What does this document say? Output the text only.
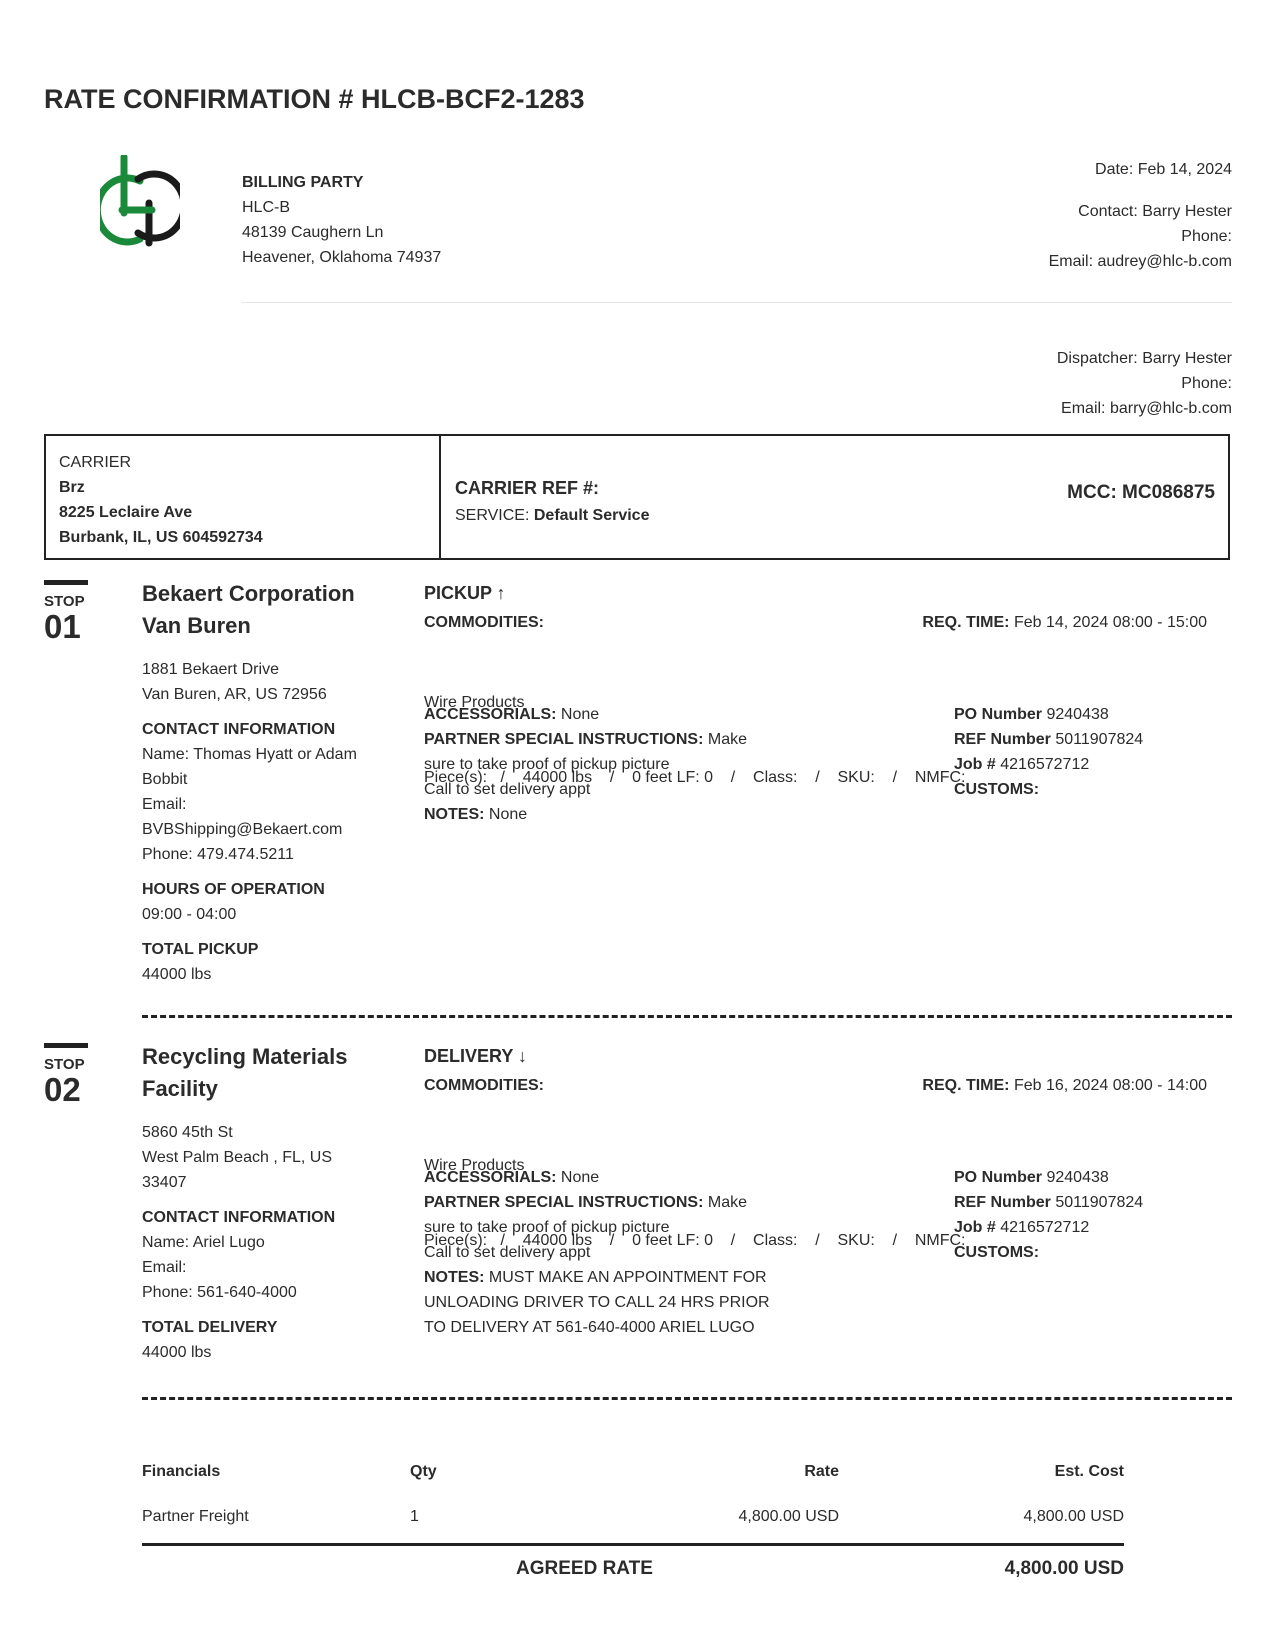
RATE CONFIRMATION # HLCB-BCF2-1283
BILLING PARTY
HLC-B
48139 Caughern Ln
Heavener, Oklahoma 74937
Date: Feb 14, 2024
Contact: Barry Hester
Phone:
Email: audrey@hlc-b.com
Dispatcher: Barry Hester
Phone:
Email: barry@hlc-b.com
CARRIER
Brz
8225 Leclaire Ave
Burbank, IL, US 604592734
CARRIER REF #:
SERVICE: Default Service
MCC: MC086875
STOP
01
Bekaert Corporation
Van Buren
1881 Bekaert Drive
Van Buren, AR, US 72956
CONTACT INFORMATION
Name: Thomas Hyatt or Adam
Bobbit
Email:
BVBShipping@Bekaert.com
Phone: 479.474.5211
HOURS OF OPERATION
09:00 - 04:00
TOTAL PICKUP
44000 lbs
PICKUP ↑
COMMODITIES:	REQ. TIME: Feb 14, 2024 08:00 - 15:00

Wire Products

Piece(s):   /    44000 lbs    /    0 feet LF: 0    /    Class:    /    SKU:    /    NMFC:

ACCESSORIALS: None
PARTNER SPECIAL INSTRUCTIONS: Make
sure to take proof of pickup picture
Call to set delivery appt
NOTES: None
PO Number 9240438
REF Number 5011907824
Job # 4216572712
CUSTOMS:
STOP
02
Recycling Materials
Facility
5860 45th St
West Palm Beach , FL, US
33407
CONTACT INFORMATION
Name: Ariel Lugo
Email:
Phone: 561-640-4000
TOTAL DELIVERY
44000 lbs
DELIVERY ↓
COMMODITIES:	REQ. TIME: Feb 16, 2024 08:00 - 14:00

Wire Products

Piece(s):   /    44000 lbs    /    0 feet LF: 0    /    Class:    /    SKU:    /    NMFC:

ACCESSORIALS: None
PARTNER SPECIAL INSTRUCTIONS: Make
sure to take proof of pickup picture
Call to set delivery appt
NOTES: MUST MAKE AN APPOINTMENT FOR
UNLOADING DRIVER TO CALL 24 HRS PRIOR
TO DELIVERY AT 561-640-4000 ARIEL LUGO
PO Number 9240438
REF Number 5011907824
Job # 4216572712
CUSTOMS:
Financials	Qty	Rate	Est. Cost
Partner Freight	1	4,800.00 USD	4,800.00 USD
AGREED RATE	4,800.00 USD
